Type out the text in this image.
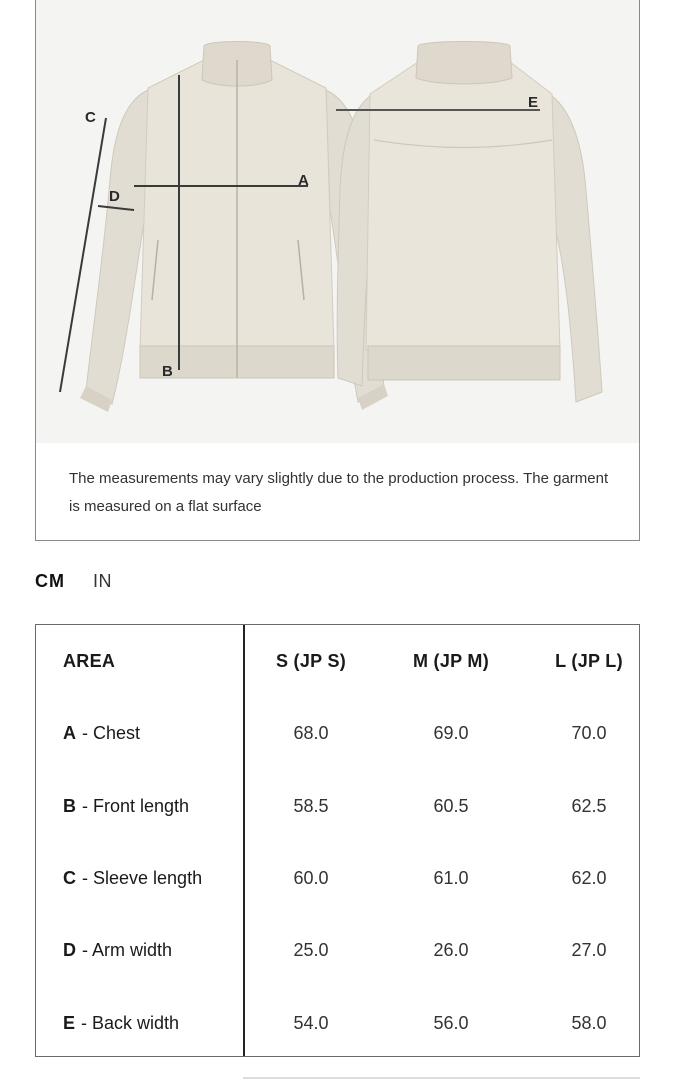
C
D
A
B
E

The measurements may vary slightly due to the production process. The garment is measured on a flat surface

CM IN
AREA	S (JP S)	M (JP M)	L (JP L)
A - Chest	68.0	69.0	70.0
B - Front length	58.5	60.5	62.5
C - Sleeve length	60.0	61.0	62.0
D - Arm width	25.0	26.0	27.0
E - Back width	54.0	56.0	58.0
